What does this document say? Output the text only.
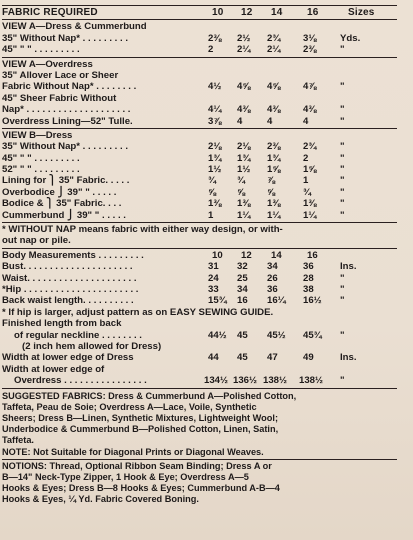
FABRIC REQUIRED	10 12 14 16	Sizes
VIEW A—Dress & Cummerbund
35" Without Nap* . . . . . . . . .	2⅜ 2½ 2¾ 3⅛ Yds.
45" " " . . . . . . . . .	2 2¼ 2¼ 2⅜ "
VIEW A—Overdress
35" Allover Lace or Sheer
Fabric Without Nap* . . . . . . . .	4½ 4⅝ 4⅝ 4⅞ "
45" Sheer Fabric Without
Nap* . . . . . . . . . . . . . . . . . . . .	4¼ 4⅜ 4⅜ 4⅜ "
Overdress Lining—52" Tulle.	3⅞ 4	4	4	"
VIEW B—Dress
35" Without Nap* . . . . . . . . .	2⅛ 2⅛ 2⅜ 2¾ "
45" " " . . . . . . . . .	1¾ 1¾ 1¾ 2	"
52" " " . . . . . . . . .	1½ 1½ 1⅝ 1⅝ "
Lining for ⎫ 35" Fabric. . . . .	¾ ¾ ⅞	1	"
Overbodice ⎭ 39" " . . . . .	⅝ ⅝ ⅝	¾	"
Bodice & ⎫ 35" Fabric. . . .	1⅜ 1⅜ 1⅜ 1⅜ "
Cummerbund ⎭ 39" " . . . . .	1 1¼ 1¼ 1¼ "
* WITHOUT NAP means fabric with either way design, or with-
out nap or pile.
Body Measurements . . . . . . . . .	10 12 14	16
Bust. . . . . . . . . . . . . . . . . . . . .	31 32 34	36	Ins.
Waist. . . . . . . . . . . . . . . . . . . . .	24 25 26	28	"
*Hip . . . . . . . . . . . . . . . . . . . . . .	33 34 36	38	"
Back waist length. . . . . . . . . .	15¾ 16 16¼ 16½ "
* If hip is larger, adjust pattern as on EASY SEWING GUIDE.
Finished length from back
of regular neckline . . . . . . . .	44½ 45 45½ 45¾ "
(2 inch hem allowed for Dress)
Width at lower edge of Dress	44 45 47	49	Ins.
Width at lower edge of
Overdress . . . . . . . . . . . . . . . .	134½ 136½ 138½ 138½ "
SUGGESTED FABRICS: Dress & Cummerbund A—Polished Cotton,
Taffeta, Peau de Soie; Overdress A—Lace, Voile, Synthetic
Sheers; Dress B—Linen, Synthetic Mixtures, Lightweight Wool;
Underbodice & Cummerbund B—Polished Cotton, Linen, Satin,
Taffeta.
NOTE: Not Suitable for Diagonal Prints or Diagonal Weaves.
NOTIONS: Thread, Optional Ribbon Seam Binding; Dress A or
B—14" Neck-Type Zipper, 1 Hook & Eye; Overdress A—5
Hooks & Eyes; Dress B—8 Hooks & Eyes; Cummerbund A-B—4
Hooks & Eyes, ¼ Yd. Fabric Covered Boning.
